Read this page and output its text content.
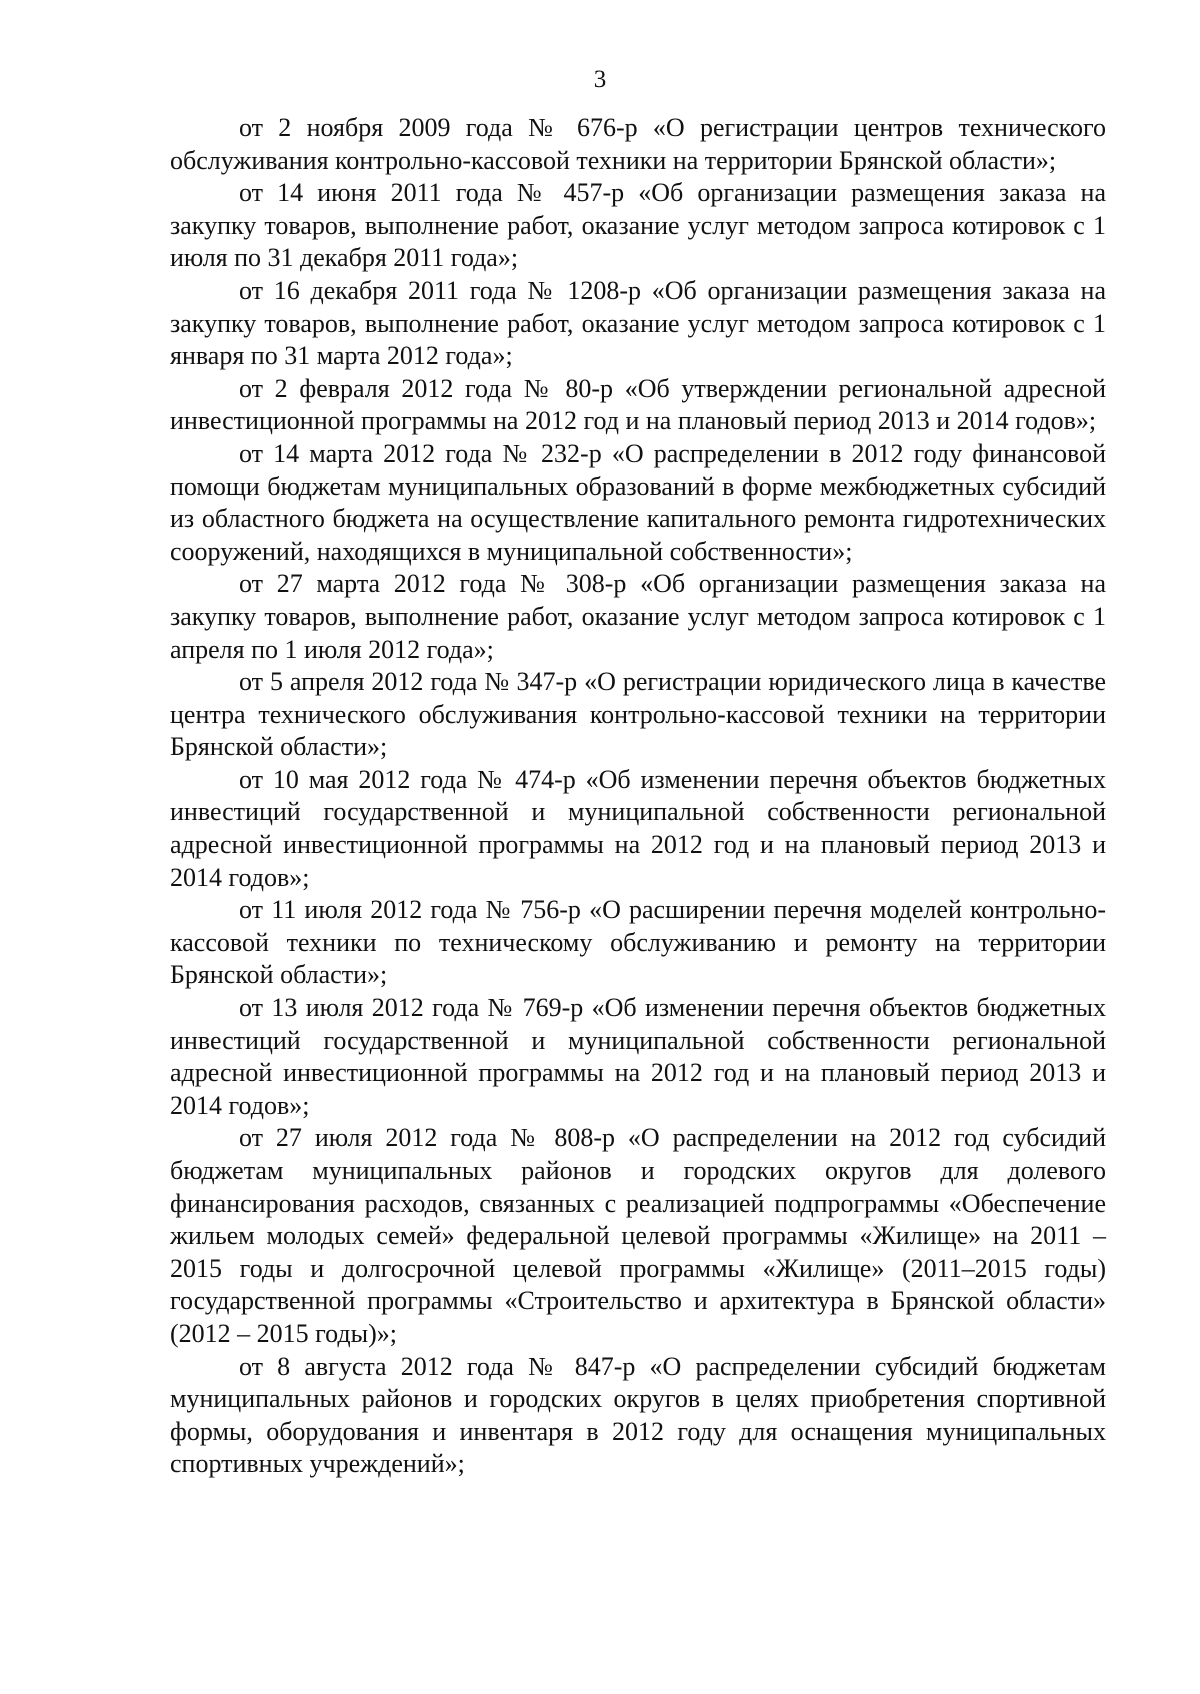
3

от 2 ноября 2009 года № 676-р «О регистрации центров технического обслуживания контрольно-кассовой техники на территории Брянской области»;

от 14 июня 2011 года № 457-р «Об организации размещения заказа на закупку товаров, выполнение работ, оказание услуг методом запроса котировок с 1 июля по 31 декабря 2011 года»;

от 16 декабря 2011 года № 1208-р «Об организации размещения заказа на закупку товаров, выполнение работ, оказание услуг методом запроса котировок с 1 января по 31 марта 2012 года»;

от 2 февраля 2012 года № 80-р «Об утверждении региональной адресной инвестиционной программы на 2012 год и на плановый период 2013 и 2014 годов»;

от 14 марта 2012 года № 232-р «О распределении в 2012 году финансовой помощи бюджетам муниципальных образований в форме межбюджетных субсидий из областного бюджета на осуществление капитального ремонта гидротехнических сооружений, находящихся в муниципальной собственности»;

от 27 марта 2012 года № 308-р «Об организации размещения заказа на закупку товаров, выполнение работ, оказание услуг методом запроса котировок с 1 апреля по 1 июля 2012 года»;

от 5 апреля 2012 года № 347-р «О регистрации юридического лица в качестве центра технического обслуживания контрольно-кассовой техники на территории Брянской области»;

от 10 мая 2012 года № 474-р «Об изменении перечня объектов бюджетных инвестиций государственной и муниципальной собственности региональной адресной инвестиционной программы на 2012 год и на плановый период 2013 и 2014 годов»;

от 11 июля 2012 года № 756-р «О расширении перечня моделей контрольно-кассовой техники по техническому обслуживанию и ремонту на территории Брянской области»;

от 13 июля 2012 года № 769-р «Об изменении перечня объектов бюджетных инвестиций государственной и муниципальной собственности региональной адресной инвестиционной программы на 2012 год и на плановый период 2013 и 2014 годов»;

от 27 июля 2012 года № 808-р «О распределении на 2012 год субсидий бюджетам муниципальных районов и городских округов для долевого финансирования расходов, связанных с реализацией подпрограммы «Обеспечение жильем молодых семей» федеральной целевой программы «Жилище» на 2011 – 2015 годы и долгосрочной целевой программы «Жилище» (2011–2015 годы) государственной программы «Строительство и архитектура в Брянской области» (2012 – 2015 годы)»;

от 8 августа 2012 года № 847-р «О распределении субсидий бюджетам муниципальных районов и городских округов в целях приобретения спортивной формы, оборудования и инвентаря в 2012 году для оснащения муниципальных спортивных учреждений»;
